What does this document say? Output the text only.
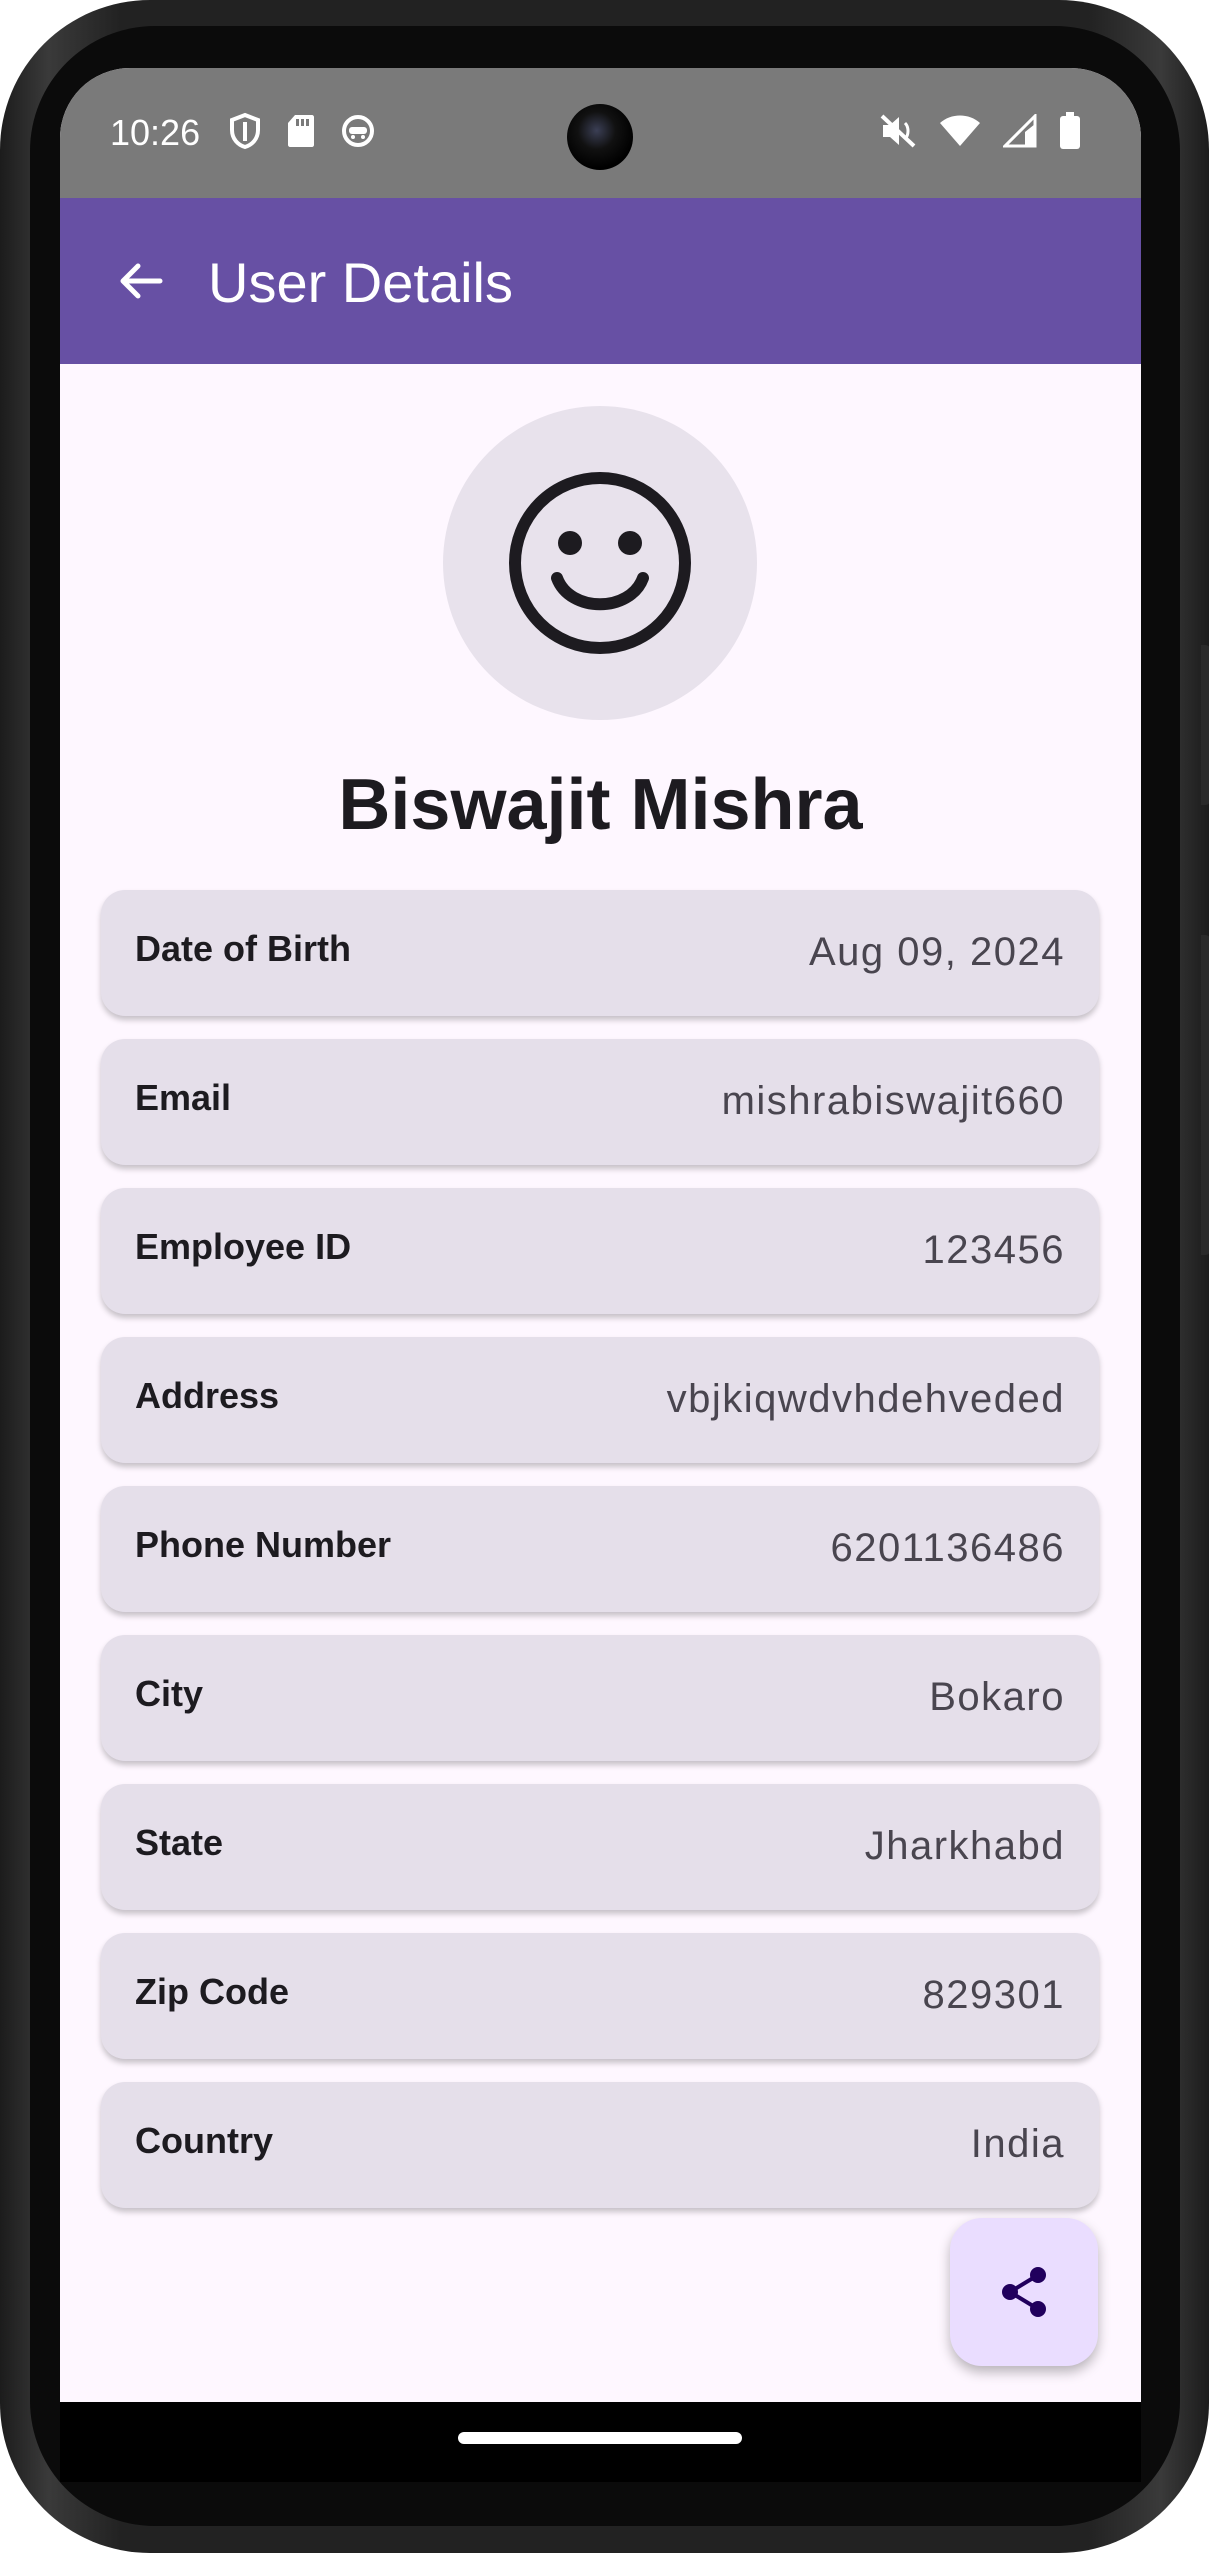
10:26
User Details
Biswajit Mishra
Date of Birth	Aug 09, 2024
Email	mishrabiswajit660
Employee ID	123456
Address	vbjkiqwdvhdehveded
Phone Number	6201136486
City	Bokaro
State	Jharkhabd
Zip Code	829301
Country	India
